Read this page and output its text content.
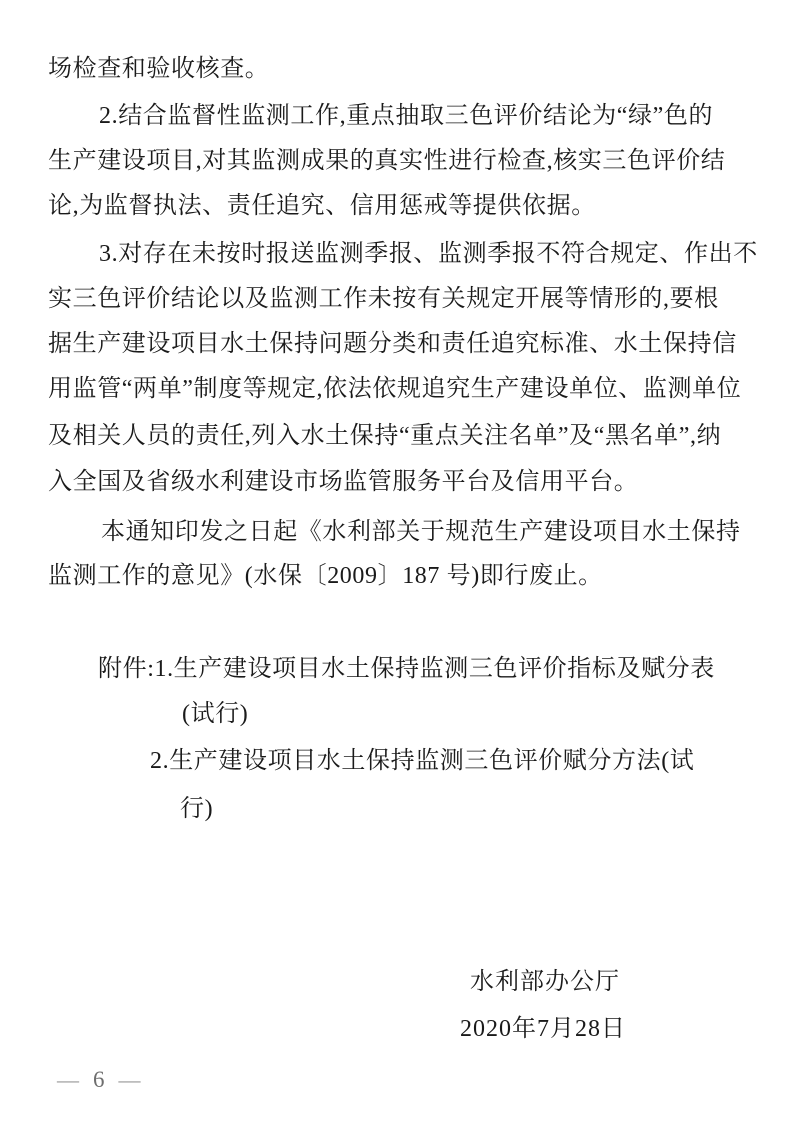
场检查和验收核查。
2.结合监督性监测工作,重点抽取三色评价结论为“绿”色的
生产建设项目,对其监测成果的真实性进行检查,核实三色评价结
论,为监督执法、责任追究、信用惩戒等提供依据。
3.对存在未按时报送监测季报、监测季报不符合规定、作出不
实三色评价结论以及监测工作未按有关规定开展等情形的,要根
据生产建设项目水土保持问题分类和责任追究标准、水土保持信
用监管“两单”制度等规定,依法依规追究生产建设单位、监测单位
及相关人员的责任,列入水土保持“重点关注名单”及“黑名单”,纳
入全国及省级水利建设市场监管服务平台及信用平台。
本通知印发之日起《水利部关于规范生产建设项目水土保持
监测工作的意见》(水保〔2009〕187 号)即行废止。
附件:1.生产建设项目水土保持监测三色评价指标及赋分表
(试行)
2.生产建设项目水土保持监测三色评价赋分方法(试
行)
水利部办公厅
2020年7月28日
— 6 —
